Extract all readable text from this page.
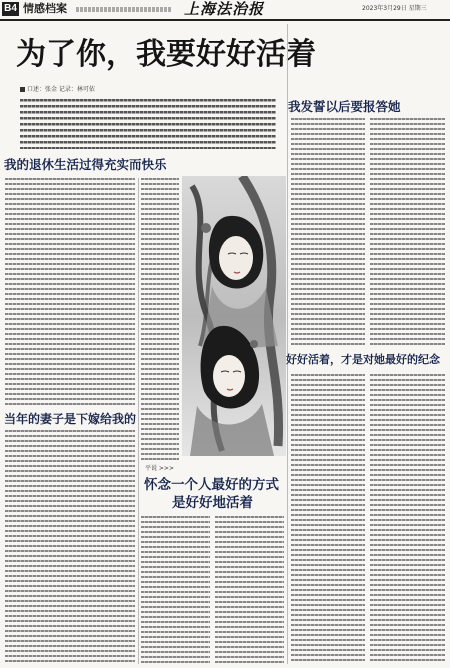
B4 情感档案	上海法治报	2023年3月29日 星期三
为了你，我要好好活着
口述：张金 记录：林可依
我的退休生活过得充实而快乐
当年的妻子是下嫁给我的
平说 >>>
怀念一个人最好的方式
是好好地活着
我发誓以后要报答她
好好活着，才是对她最好的纪念
